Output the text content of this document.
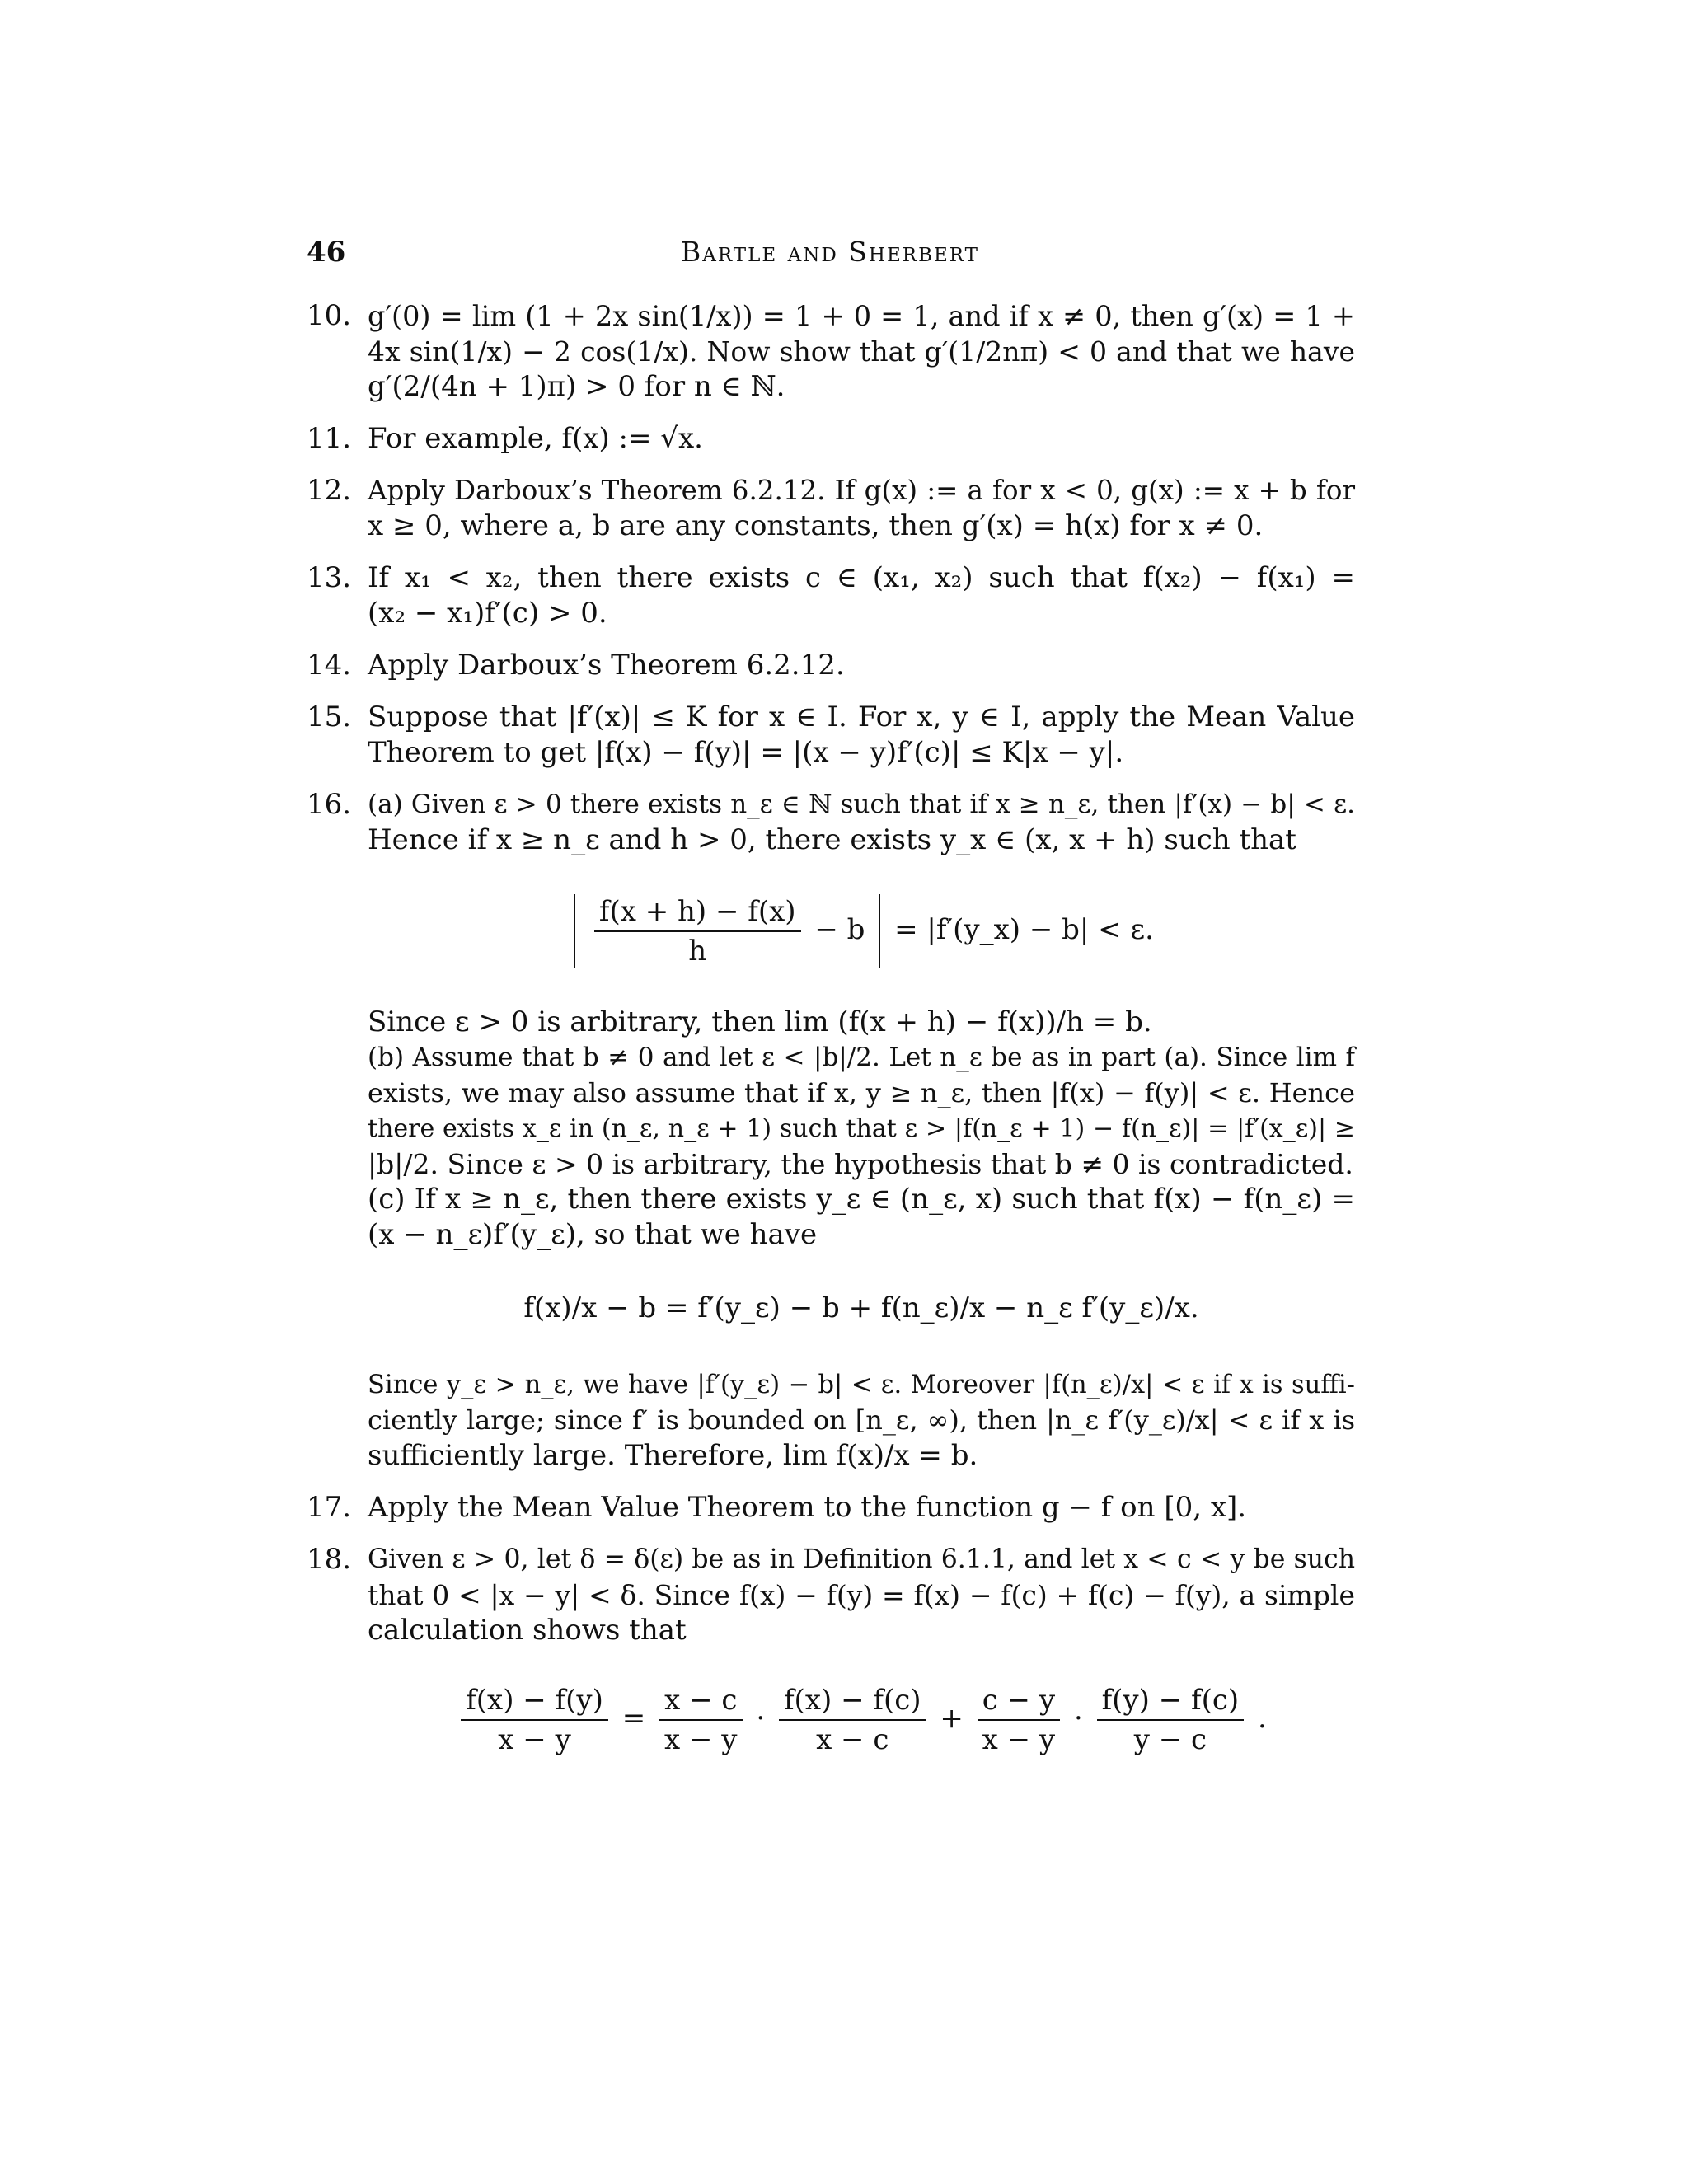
46	Bartle and Sherbert
10. g′(0) = lim (1 + 2x sin(1/x)) = 1 + 0 = 1, and if x ≠ 0, then g′(x) = 1 +
4x sin(1/x) − 2 cos(1/x). Now show that g′(1/2nπ) < 0 and that we have
g′(2/(4n + 1)π) > 0 for n ∈ ℕ.
11. For example, f(x) := √x.
12. Apply Darboux’s Theorem 6.2.12. If g(x) := a for x < 0, g(x) := x + b for
x ≥ 0, where a, b are any constants, then g′(x) = h(x) for x ≠ 0.
13. If x₁ < x₂, then there exists c ∈ (x₁, x₂) such that f(x₂) − f(x₁) =
(x₂ − x₁)f′(c) > 0.
14. Apply Darboux’s Theorem 6.2.12.
15. Suppose that |f′(x)| ≤ K for x ∈ I. For x, y ∈ I, apply the Mean Value
Theorem to get |f(x) − f(y)| = |(x − y)f′(c)| ≤ K|x − y|.
16. (a) Given ε > 0 there exists n_ε ∈ ℕ such that if x ≥ n_ε, then |f′(x) − b| < ε.
Hence if x ≥ n_ε and h > 0, there exists y_x ∈ (x, x + h) such that

$\frac{f(x + h) - f(x)}{h} - b$ = |f′(y_x) − b| < ε.
Since ε > 0 is arbitrary, then lim (f(x + h) − f(x))/h = b.
(b) Assume that b ≠ 0 and let ε < |b|/2. Let n_ε be as in part (a). Since lim f
exists, we may also assume that if x, y ≥ n_ε, then |f(x) − f(y)| < ε. Hence
there exists x_ε in (n_ε, n_ε + 1) such that ε > |f(n_ε + 1) − f(n_ε)| = |f′(x_ε)| ≥
|b|/2. Since ε > 0 is arbitrary, the hypothesis that b ≠ 0 is contradicted.
(c) If x ≥ n_ε, then there exists y_ε ∈ (n_ε, x) such that f(x) − f(n_ε) =
(x − n_ε)f′(y_ε), so that we have
f(x)/x − b = f′(y_ε) − b + f(n_ε)/x − n_ε f′(y_ε)/x.
Since y_ε > n_ε, we have |f′(y_ε) − b| < ε. Moreover |f(n_ε)/x| < ε if x is suffi-
ciently large; since f′ is bounded on [n_ε, ∞), then |n_ε f′(y_ε)/x| < ε if x is
sufficiently large. Therefore, lim f(x)/x = b.
17. Apply the Mean Value Theorem to the function g − f on [0, x].
18. Given ε > 0, let δ = δ(ε) be as in Definition 6.1.1, and let x < c < y be such
that 0 < |x − y| < δ. Since f(x) − f(y) = f(x) − f(c) + f(c) − f(y), a simple
calculation shows that
$\frac{f(x) - f(y)}{x - y} = \frac{x - c}{x - y} \cdot \frac{f(x) - f(c)}{x - c} + \frac{c - y}{x - y} \cdot \frac{f(y) - f(c)}{y - c}$ .
